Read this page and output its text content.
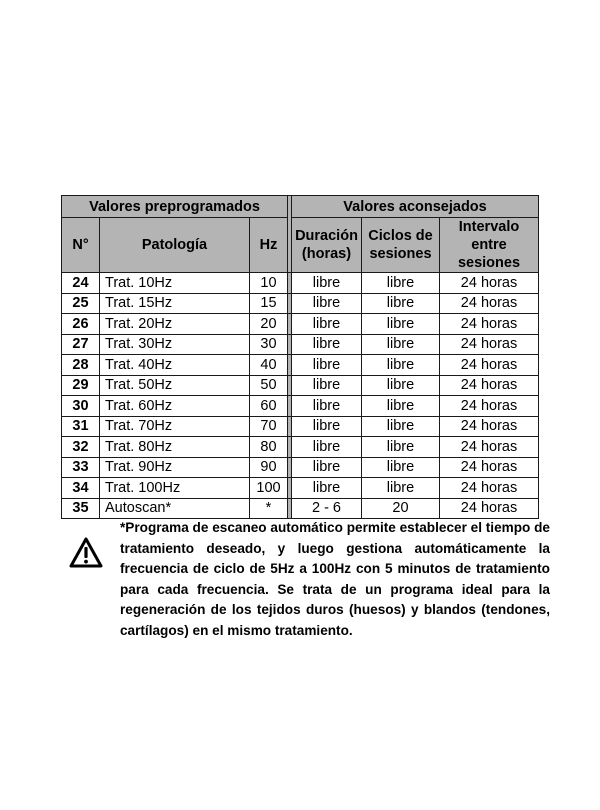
Valores preprogramados				Valores aconsejados		
N°	Patología	Hz		Duración (horas)	Ciclos de sesiones	Intervalo entre sesiones
24	Trat. 10Hz	10		libre	libre	24 horas
25	Trat. 15Hz	15		libre	libre	24 horas
26	Trat. 20Hz	20		libre	libre	24 horas
27	Trat. 30Hz	30		libre	libre	24 horas
28	Trat. 40Hz	40		libre	libre	24 horas
29	Trat. 50Hz	50		libre	libre	24 horas
30	Trat. 60Hz	60		libre	libre	24 horas
31	Trat. 70Hz	70		libre	libre	24 horas
32	Trat. 80Hz	80		libre	libre	24 horas
33	Trat. 90Hz	90		libre	libre	24 horas
34	Trat. 100Hz	100		libre	libre	24 horas
35	Autoscan*	*		2 - 6	20	24 horas
*Programa de escaneo automático permite establecer el tiempo de tratamiento deseado, y luego gestiona automáticamente la frecuencia de ciclo de 5Hz a 100Hz con 5 minutos de tratamiento para cada frecuencia. Se trata de un programa ideal para la regeneración de los tejidos duros (huesos) y blandos (tendones, cartílagos) en el mismo tratamiento.
